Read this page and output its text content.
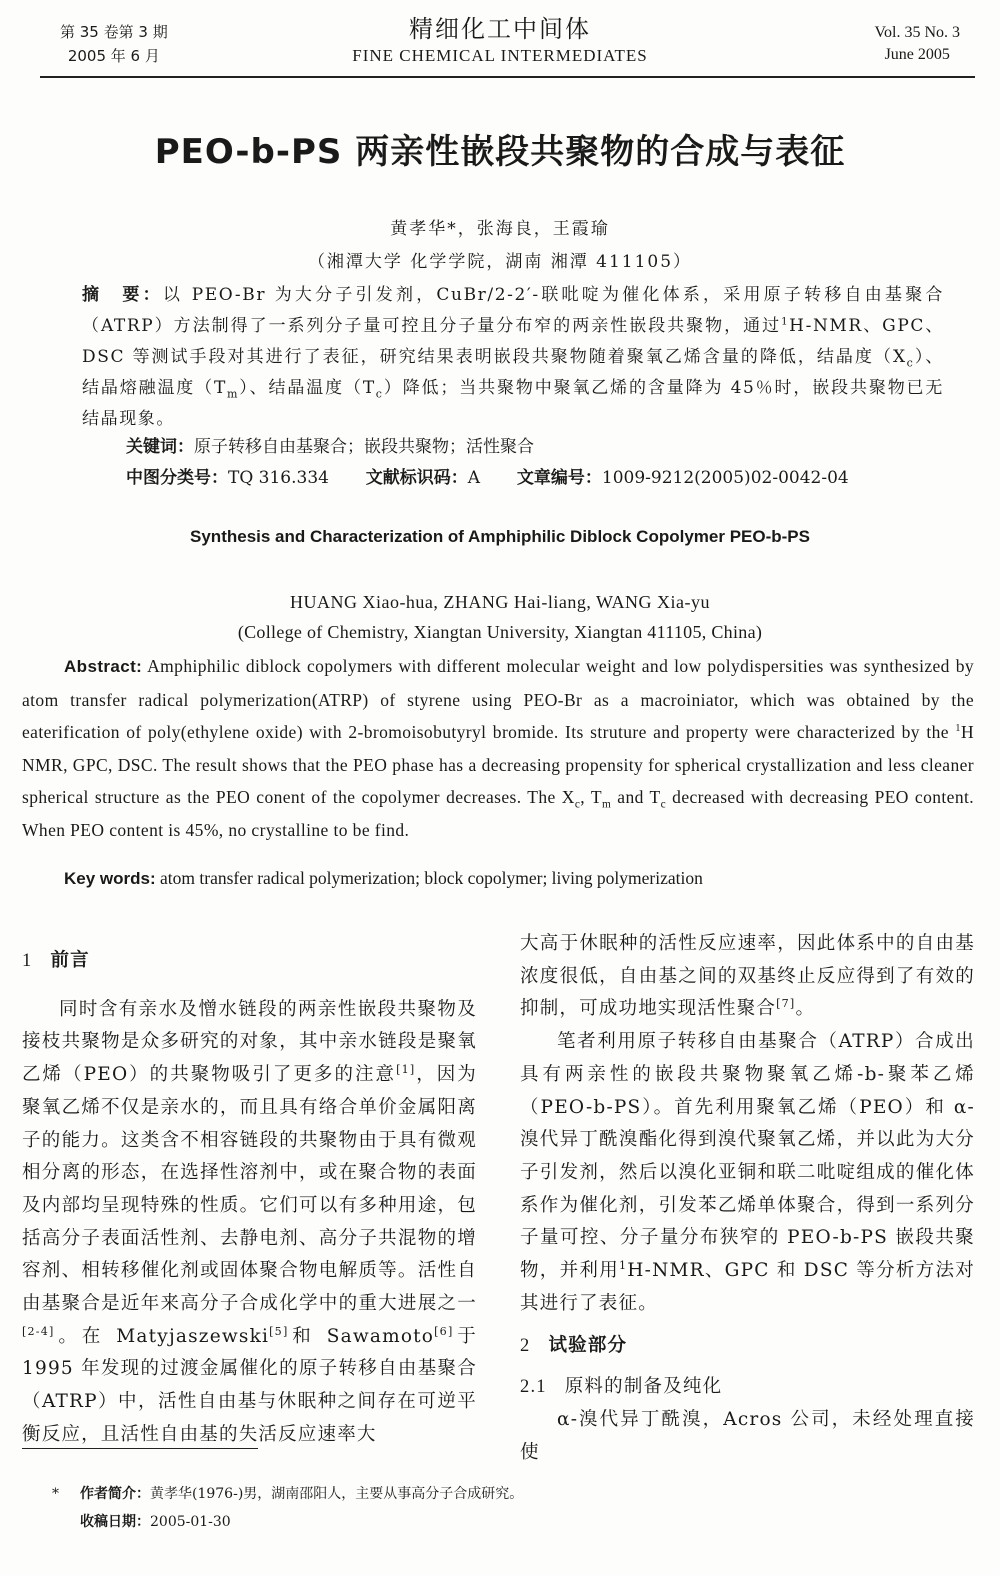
第 35 卷第 3 期
2005 年 6 月
精细化工中间体
FINE CHEMICAL INTERMEDIATES
Vol. 35 No. 3
June 2005
PEO-b-PS 两亲性嵌段共聚物的合成与表征
黄孝华*，张海良，王霞瑜
（湘潭大学 化学学院，湖南 湘潭 411105）
摘　要：以 PEO-Br 为大分子引发剂，CuBr/2-2′-联吡啶为催化体系，采用原子转移自由基聚合（ATRP）方法制得了一系列分子量可控且分子量分布窄的两亲性嵌段共聚物，通过$^1$H-NMR、GPC、DSC 等测试手段对其进行了表征，研究结果表明嵌段共聚物随着聚氧乙烯含量的降低，结晶度$(X_c)$、结晶熔融温度$(T_m)$、结晶温度$(T_c)$降低；当共聚物中聚氧乙烯的含量降为 45％时，嵌段共聚物已无结晶现象。
关键词：原子转移自由基聚合；嵌段共聚物；活性聚合
中图分类号：TQ 316.334 文献标识码：A 文章编号：1009-9212(2005)02-0042-04
Synthesis and Characterization of Amphiphilic Diblock Copolymer PEO-b-PS
HUANG Xiao-hua, ZHANG Hai-liang, WANG Xia-yu
(College of Chemistry, Xiangtan University, Xiangtan 411105, China)
Abstract: Amphiphilic diblock copolymers with different molecular weight and low polydispersities was synthesized by atom transfer radical polymerization(ATRP) of styrene using PEO-Br as a macroiniator, which was obtained by the eaterification of poly(ethylene oxide) with 2-bromoisobutyryl bromide. Its struture and property were characterized by the $^1$H NMR, GPC, DSC. The result shows that the PEO phase has a decreasing propensity for spherical crystallization and less cleaner spherical structure as the PEO conent of the copolymer decreases. The $X_c$, $T_m$ and $T_c$ decreased with decreasing PEO content. When PEO content is 45%, no crystalline to be find.
Key words: atom transfer radical polymerization; block copolymer; living polymerization

1 前言

同时含有亲水及憎水链段的两亲性嵌段共聚物及接枝共聚物是众多研究的对象，其中亲水链段是聚氧乙烯（PEO）的共聚物吸引了更多的注意[1]，因为聚氧乙烯不仅是亲水的，而且具有络合单价金属阳离子的能力。这类含不相容链段的共聚物由于具有微观相分离的形态，在选择性溶剂中，或在聚合物的表面及内部均呈现特殊的性质。它们可以有多种用途，包括高分子表面活性剂、去静电剂、高分子共混物的增容剂、相转移催化剂或固体聚合物电解质等。活性自由基聚合是近年来高分子合成化学中的重大进展之一[2-4]。在 Matyjaszewski[5]和 Sawamoto[6]于 1995 年发现的过渡金属催化的原子转移自由基聚合（ATRP）中，活性自由基与休眠种之间存在可逆平衡反应，且活性自由基的失活反应速率大

大高于休眠种的活性反应速率，因此体系中的自由基浓度很低，自由基之间的双基终止反应得到了有效的抑制，可成功地实现活性聚合[7]。

笔者利用原子转移自由基聚合（ATRP）合成出具有两亲性的嵌段共聚物聚氧乙烯-b-聚苯乙烯（PEO-b-PS）。首先利用聚氧乙烯（PEO）和 α-溴代异丁酰溴酯化得到溴代聚氧乙烯，并以此为大分子引发剂，然后以溴化亚铜和联二吡啶组成的催化体系作为催化剂，引发苯乙烯单体聚合，得到一系列分子量可控、分子量分布狭窄的 PEO-b-PS 嵌段共聚物，并利用$^1$H-NMR、GPC 和 DSC 等分析方法对其进行了表征。

2 试验部分

2.1 原料的制备及纯化

α-溴代异丁酰溴，Acros 公司，未经处理直接使

* 作者简介：黄孝华(1976-)男，湖南邵阳人，主要从事高分子合成研究。
收稿日期：2005-01-30
